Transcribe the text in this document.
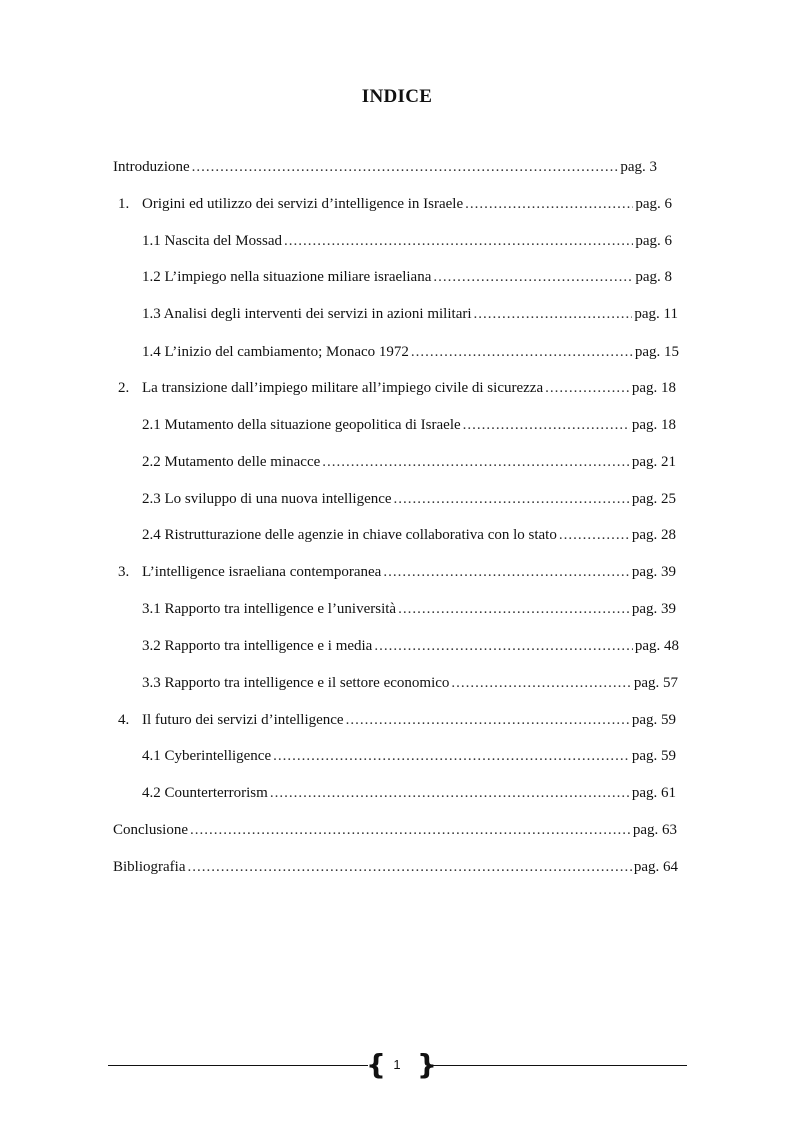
INDICE
Introduzione .....	pag. 3
1. Origini ed utilizzo dei servizi d’intelligence in Israele .....	pag. 6
1.1 Nascita del Mossad .....	pag. 6
1.2 L’impiego nella situazione miliare israeliana .....	pag. 8
1.3 Analisi degli interventi dei servizi in azioni militari .....	pag. 11
1.4 L’inizio del cambiamento; Monaco 1972 .....	pag. 15
2. La transizione dall’impiego militare all’impiego civile di sicurezza .....	pag. 18
2.1 Mutamento della situazione geopolitica di Israele .....	pag. 18
2.2 Mutamento delle minacce .....	pag. 21
2.3 Lo sviluppo di una nuova intelligence .....	pag. 25
2.4 Ristrutturazione delle agenzie in chiave collaborativa con lo stato .....	pag. 28
3. L’intelligence israeliana contemporanea .....	pag. 39
3.1 Rapporto tra intelligence e l’università .....	pag. 39
3.2 Rapporto tra intelligence e i media .....	pag. 48
3.3 Rapporto tra intelligence e il settore economico .....	pag. 57
4. Il futuro dei servizi d’intelligence .....	pag. 59
4.1 Cyberintelligence .....	pag. 59
4.2 Counterterrorism .....	pag. 61
Conclusione .....	pag. 63
Bibliografia .....	pag. 64
{ 1 }
